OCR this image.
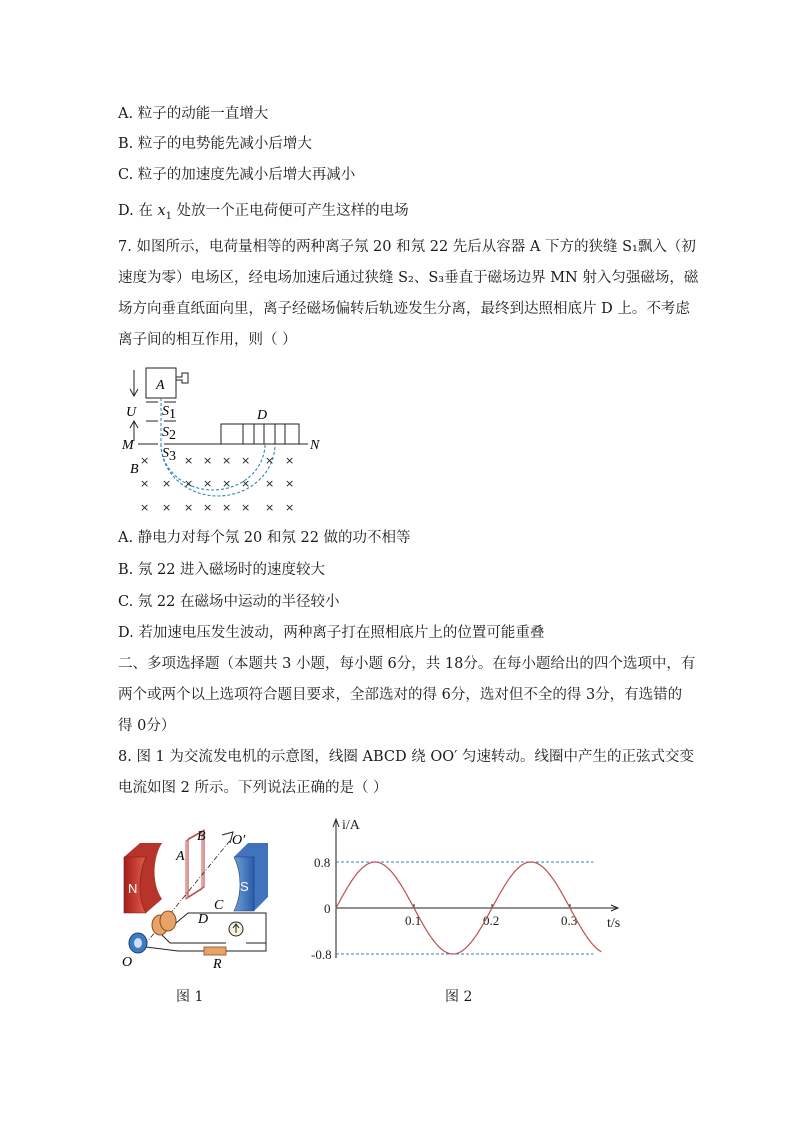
A. 粒子的动能一直增大
B. 粒子的电势能先减小后增大
C. 粒子的加速度先减小后增大再减小
D. 在 $x_1$ 处放一个正电荷便可产生这样的电场
7. 如图所示，电荷量相等的两种离子氖 20 和氖 22 先后从容器 A 下方的狭缝 S₁飘入（初
速度为零）电场区，经电场加速后通过狭缝 S₂、S₃垂直于磁场边界 MN 射入匀强磁场，磁
场方向垂直纸面向里，离子经磁场偏转后轨迹发生分离，最终到达照相底片 D 上。不考虑
离子间的相互作用，则（ ）
A
U S1
S2
M	N
S3
D
B
×	× × × × × ×
× × × × × × × ×
× × × × × × × ×
A. 静电力对每个氖 20 和氖 22 做的功不相等
B. 氖 22 进入磁场时的速度较大
C. 氖 22 在磁场中运动的半径较小
D. 若加速电压发生波动，两种离子打在照相底片上的位置可能重叠
二、多项选择题（本题共 3 小题，每小题 6分，共 18分。在每小题给出的四个选项中，有
两个或两个以上选项符合题目要求，全部选对的得 6分，选对但不全的得 3分，有选错的
得 0分）
8. 图 1 为交流发电机的示意图，线圈 ABCD 绕 OO′ 匀速转动。线圈中产生的正弦式交变
电流如图 2 所示。下列说法正确的是（ ）
N	S
B O′
A
C
D
O	R
图 1
0.1	0.2	0.3
0.8
0
-0.8
i/A
t/s
图 2
